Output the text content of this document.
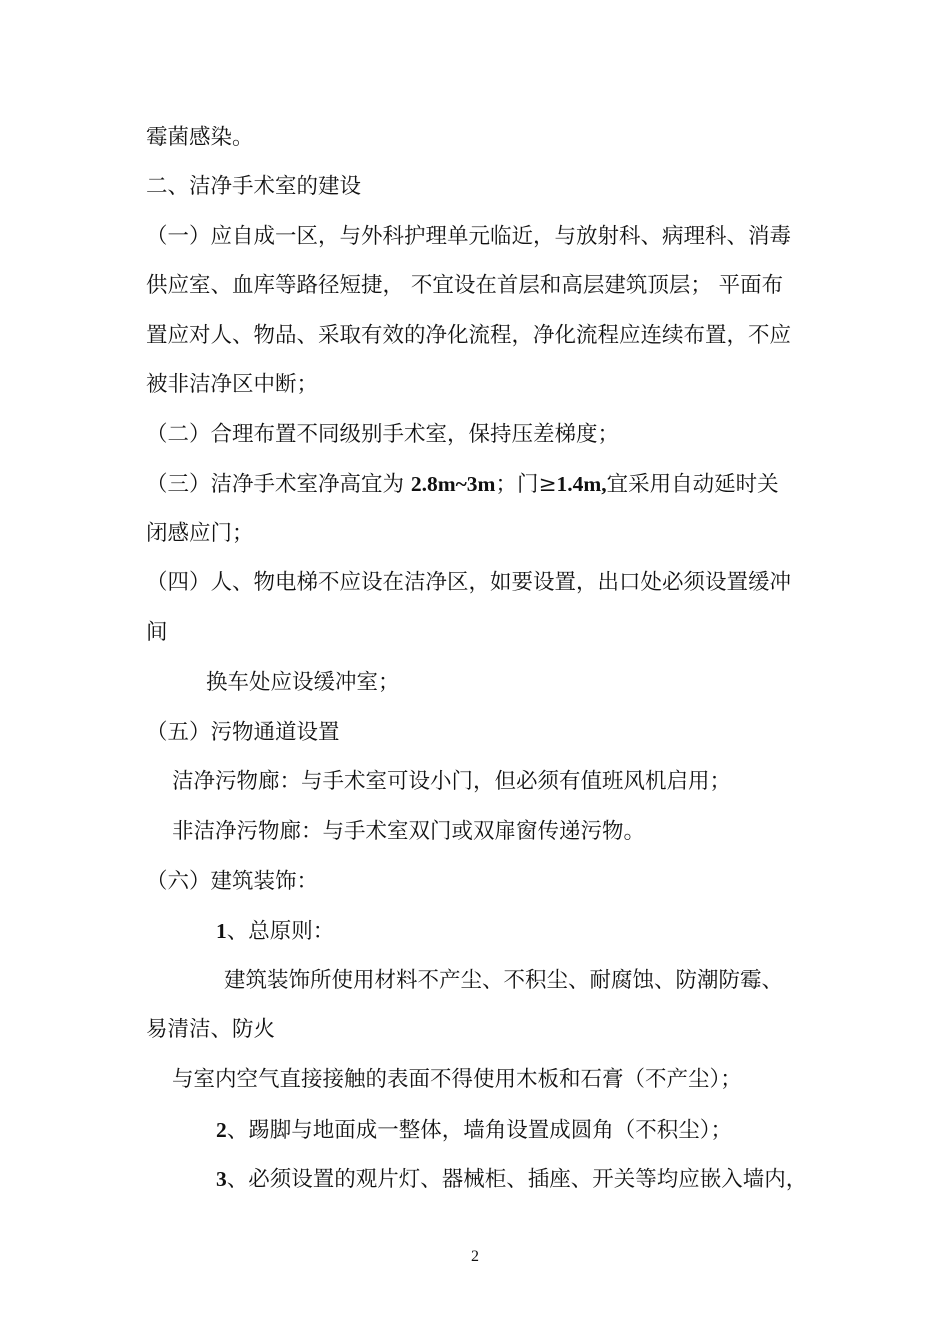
霉菌感染。
二、洁净手术室的建设
（一）应自成一区，与外科护理单元临近，与放射科、病理科、消毒
供应室、血库等路径短捷， 不宜设在首层和高层建筑顶层； 平面布
置应对人、物品、采取有效的净化流程，净化流程应连续布置，不应
被非洁净区中断；
（二）合理布置不同级别手术室，保持压差梯度；
（三）洁净手术室净高宜为 2.8m~3m；门≥1.4m,宜采用自动延时关
闭感应门；
（四）人、物电梯不应设在洁净区，如要设置，出口处必须设置缓冲
间
换车处应设缓冲室；
（五）污物通道设置
洁净污物廊：与手术室可设小门，但必须有值班风机启用；
非洁净污物廊：与手术室双门或双扉窗传递污物。
（六）建筑装饰：
1、总原则：
建筑装饰所使用材料不产尘、不积尘、耐腐蚀、防潮防霉、
易清洁、防火
与室内空气直接接触的表面不得使用木板和石膏（不产尘）；
2、踢脚与地面成一整体，墙角设置成圆角（不积尘）；
3、必须设置的观片灯、器械柜、插座、开关等均应嵌入墙内，
2
